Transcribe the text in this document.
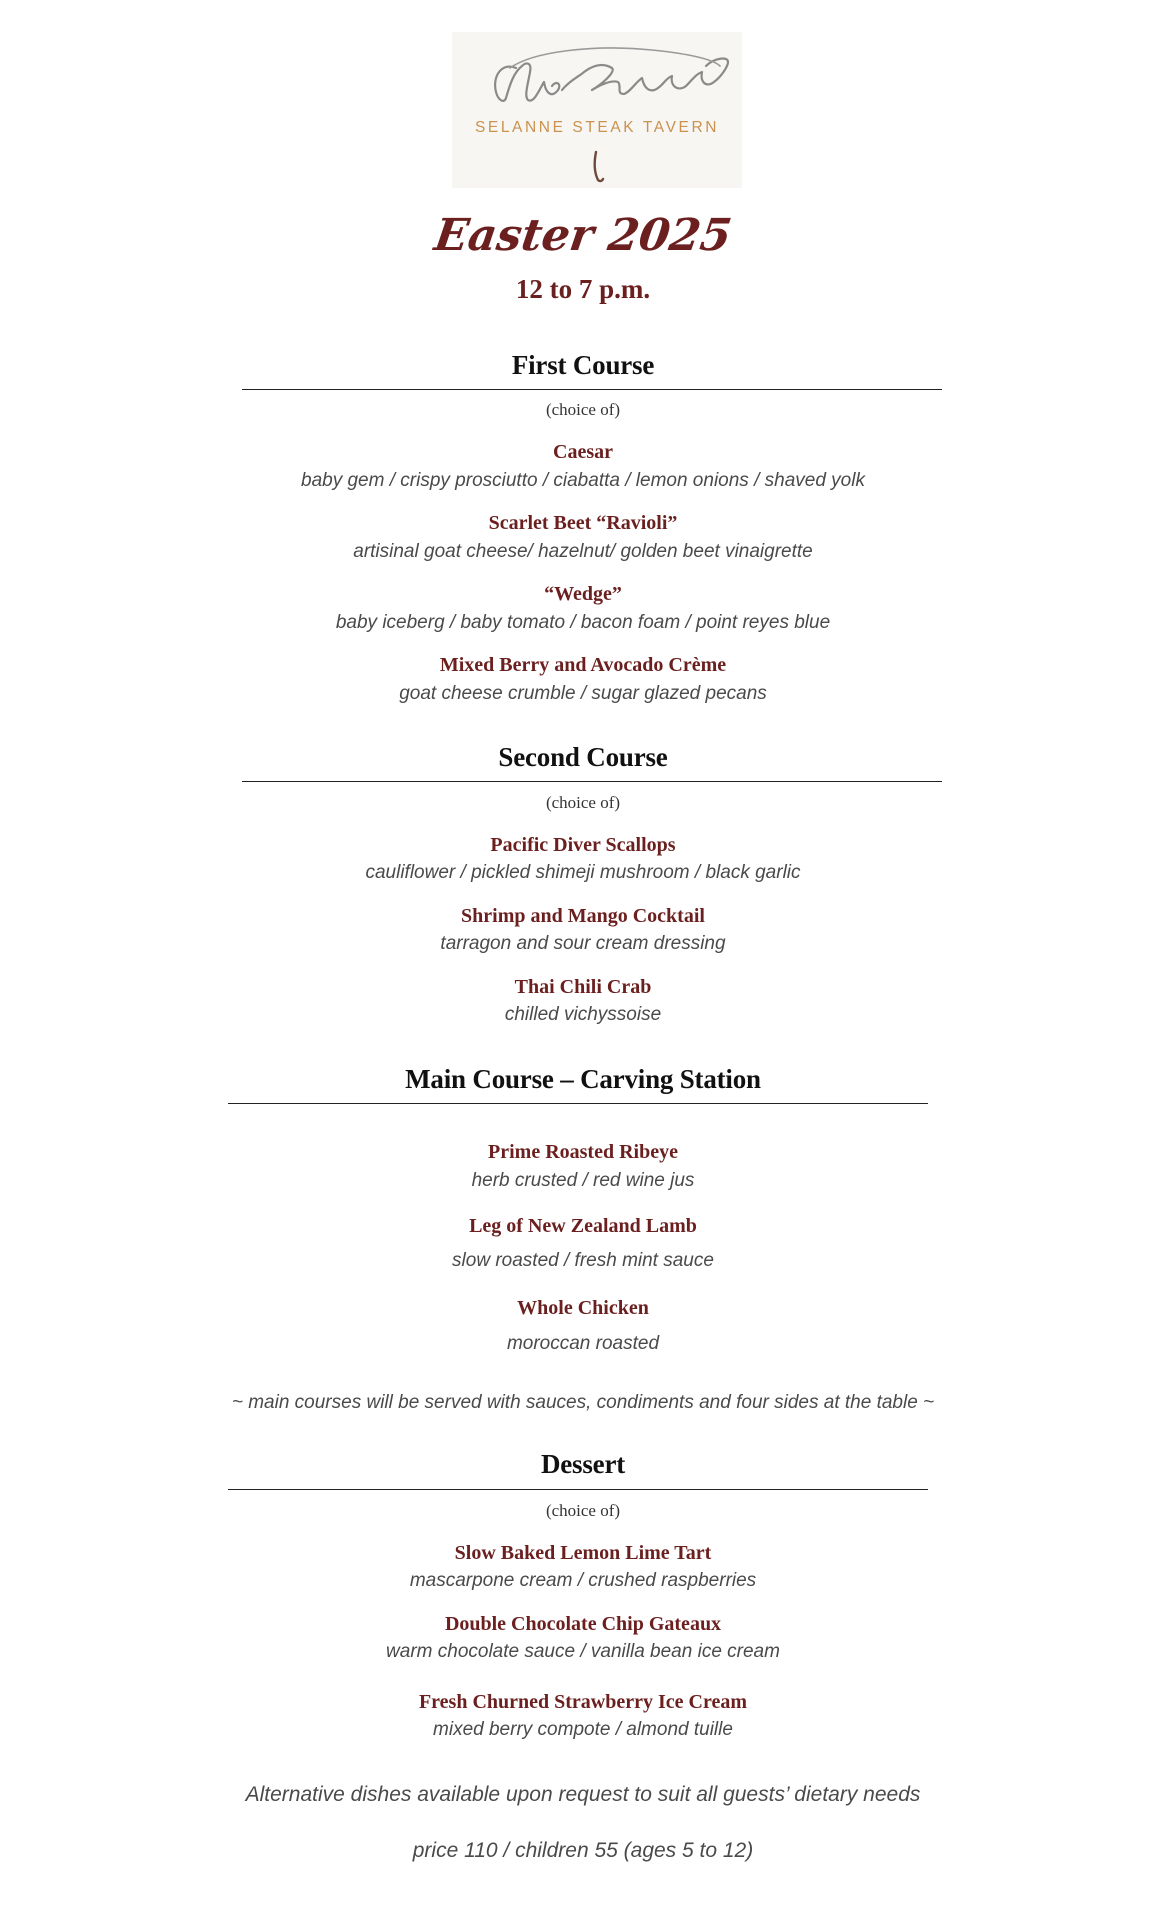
SELANNE STEAK TAVERN
Easter 2025
12 to 7 p.m.
First Course
(choice of)
Caesar
baby gem / crispy prosciutto / ciabatta / lemon onions / shaved yolk
Scarlet Beet “Ravioli”
artisinal goat cheese/ hazelnut/ golden beet vinaigrette
“Wedge”
baby iceberg / baby tomato / bacon foam / point reyes blue
Mixed Berry and Avocado Crème
goat cheese crumble / sugar glazed pecans
Second Course
(choice of)
Pacific Diver Scallops
cauliflower / pickled shimeji mushroom / black garlic
Shrimp and Mango Cocktail
tarragon and sour cream dressing
Thai Chili Crab
chilled vichyssoise
Main Course – Carving Station
Prime Roasted Ribeye
herb crusted / red wine jus
Leg of New Zealand Lamb
slow roasted / fresh mint sauce
Whole Chicken
moroccan roasted
~ main courses will be served with sauces, condiments and four sides at the table ~
Dessert
(choice of)
Slow Baked Lemon Lime Tart
mascarpone cream / crushed raspberries
Double Chocolate Chip Gateaux
warm chocolate sauce / vanilla bean ice cream
Fresh Churned Strawberry Ice Cream
mixed berry compote / almond tuille
Alternative dishes available upon request to suit all guests’ dietary needs
price 110 / children 55 (ages 5 to 12)
